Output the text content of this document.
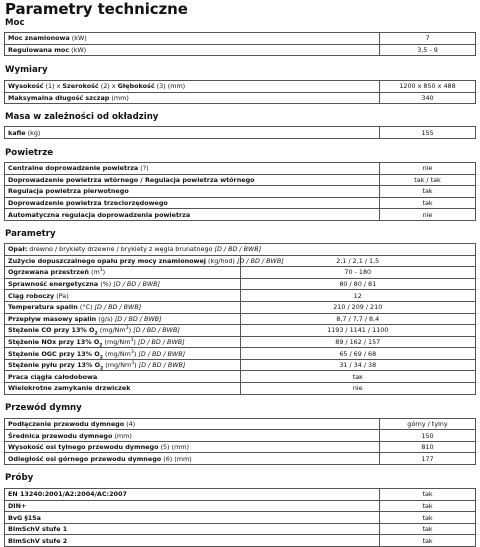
Parametry techniczne
Moc
Moc znamionowa (kW)	7
Regulowana moc (kW)	3,5 - 9
Wymiary
Wysokość (1) x Szerokość (2) x Głębokość (3) (mm)	1200 x 850 x 488
Maksymalna długość szczap (mm)	340
Masa w zależności od okładziny
kafle (kg)	155
Powietrze
Centralne doprowadzenie powietrza (?)	nie
Doprowadzenie powietrza wtórnego / Regulacja powietrza wtórnego	tak / tak
Regulacja powietrza pierwotnego	tak
Doprowadzenie powietrza trzeciorzędowego	tak
Automatyczna regulacja doprowadzenia powietrza	nie
Parametry
Opał: drewno / brykiety drzewne / brykiety z węgla brunatnego [D / BD / BWB]	
Zużycie dopuszczalnego opału przy mocy znamionowej (kg/hod) [D / BD / BWB]	2,1 / 2,1 / 1,5
Ogrzewana przestrzeń $(m^3)$	70 - 180
Sprawność energetyczna (%) [D / BD / BWB]	80 / 80 / 81
Ciąg roboczy (Pa)	12
Temperatura spalin (°C) [D / BD / BWB]	210 / 209 / 210
Przepływ masowy spalin (g/s) [D / BD / BWB]	8,7 / 7,7 / 8,4
Stężenie CO przy 13% $O_2$ (mg/Nm$^3$) [D / BD / BWB]	1193 / 1141 / 1100
Stężenie NOx przy 13% $O_2$ (mg/Nm$^3$) [D / BD / BWB]	89 / 162 / 157
Stężenie OGC przy 13% $O_2$ (mg/Nm$^3$) [D / BD / BWB]	65 / 69 / 68
Stężenie pyłu przy 13% $O_2$ (mg/Nm$^3$) [D / BD / BWB]	31 / 34 / 38
Praca ciągła całodobowa	tak
Wielokrotne zamykanie drzwiczek	nie
Przewód dymny
Podłączenie przewodu dymnego (4)	górny / tylny
Średnica przewodu dymnego (mm)	150
Wysokość osi tylnego przewodu dymnego (5) (mm)	810
Odległość osi górnego przewodu dymnego (6) (mm)	177
Próby
EN 13240:2001/A2:2004/AC:2007	tak
DIN+	tak
BvG §15a	tak
BImSchV stufe 1	tak
BImSchV stufe 2	tak
